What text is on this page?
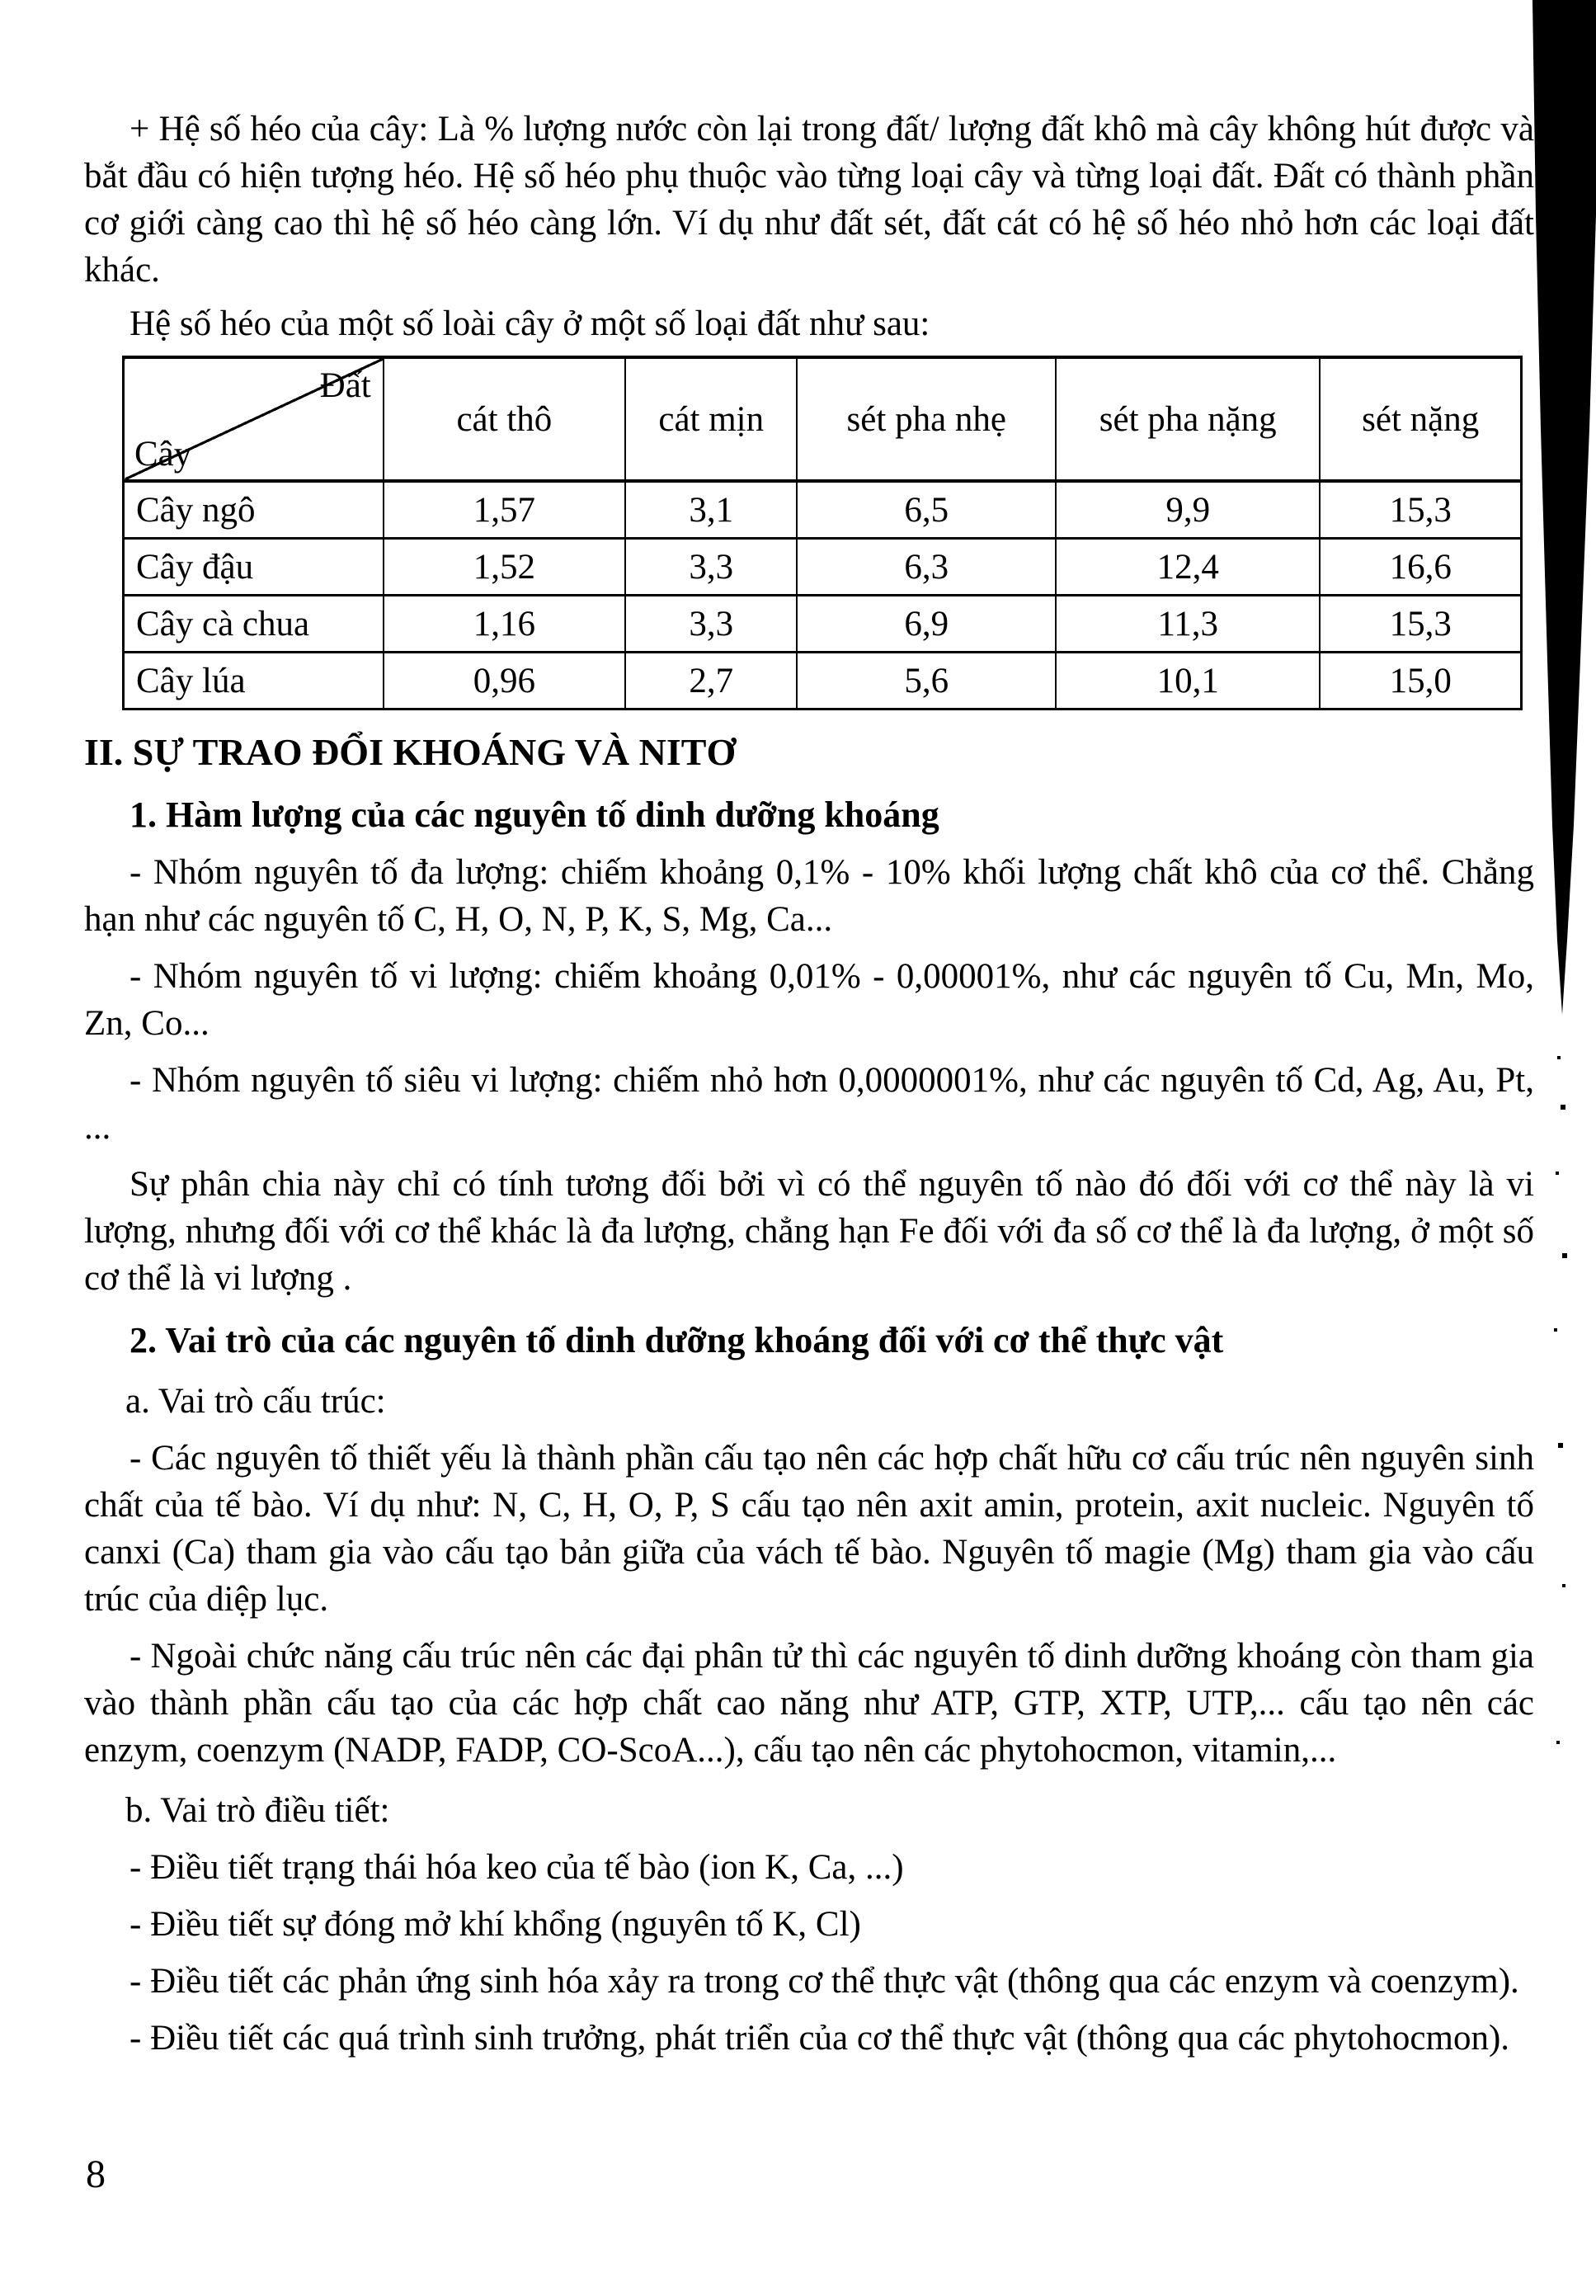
+ Hệ số héo của cây: Là % lượng nước còn lại trong đất/ lượng đất khô mà cây không hút được và bắt đầu có hiện tượng héo. Hệ số héo phụ thuộc vào từng loại cây và từng loại đất. Đất có thành phần cơ giới càng cao thì hệ số héo càng lớn. Ví dụ như đất sét, đất cát có hệ số héo nhỏ hơn các loại đất khác.
Hệ số héo của một số loài cây ở một số loại đất như sau:
Đất
Cây	cát thô	cát mịn	sét pha nhẹ	sét pha nặng	sét nặng
Cây ngô	1,57	3,1	6,5	9,9	15,3
Cây đậu	1,52	3,3	6,3	12,4	16,6
Cây cà chua	1,16	3,3	6,9	11,3	15,3
Cây lúa	0,96	2,7	5,6	10,1	15,0
II. SỰ TRAO ĐỔI KHOÁNG VÀ NITƠ
1. Hàm lượng của các nguyên tố dinh dưỡng khoáng
- Nhóm nguyên tố đa lượng: chiếm khoảng 0,1% - 10% khối lượng chất khô của cơ thể. Chẳng hạn như các nguyên tố C, H, O, N, P, K, S, Mg, Ca...
- Nhóm nguyên tố vi lượng: chiếm khoảng 0,01% - 0,00001%, như các nguyên tố Cu, Mn, Mo, Zn, Co...
- Nhóm nguyên tố siêu vi lượng: chiếm nhỏ hơn 0,0000001%, như các nguyên tố Cd, Ag, Au, Pt, ...
Sự phân chia này chỉ có tính tương đối bởi vì có thể nguyên tố nào đó đối với cơ thể này là vi lượng, nhưng đối với cơ thể khác là đa lượng, chẳng hạn Fe đối với đa số cơ thể là đa lượng, ở một số cơ thể là vi lượng .
2. Vai trò của các nguyên tố dinh dưỡng khoáng đối với cơ thể thực vật
a. Vai trò cấu trúc:
- Các nguyên tố thiết yếu là thành phần cấu tạo nên các hợp chất hữu cơ cấu trúc nên nguyên sinh chất của tế bào. Ví dụ như: N, C, H, O, P, S cấu tạo nên axit amin, protein, axit nucleic. Nguyên tố canxi (Ca) tham gia vào cấu tạo bản giữa của vách tế bào. Nguyên tố magie (Mg) tham gia vào cấu trúc của diệp lục.
- Ngoài chức năng cấu trúc nên các đại phân tử thì các nguyên tố dinh dưỡng khoáng còn tham gia vào thành phần cấu tạo của các hợp chất cao năng như ATP, GTP, XTP, UTP,... cấu tạo nên các enzym, coenzym (NADP, FADP, CO-ScoA...), cấu tạo nên các phytohocmon, vitamin,...
b. Vai trò điều tiết:
- Điều tiết trạng thái hóa keo của tế bào (ion K, Ca, ...)
- Điều tiết sự đóng mở khí khổng (nguyên tố K, Cl)
- Điều tiết các phản ứng sinh hóa xảy ra trong cơ thể thực vật (thông qua các enzym và coenzym).
- Điều tiết các quá trình sinh trưởng, phát triển của cơ thể thực vật (thông qua các phytohocmon).
8
